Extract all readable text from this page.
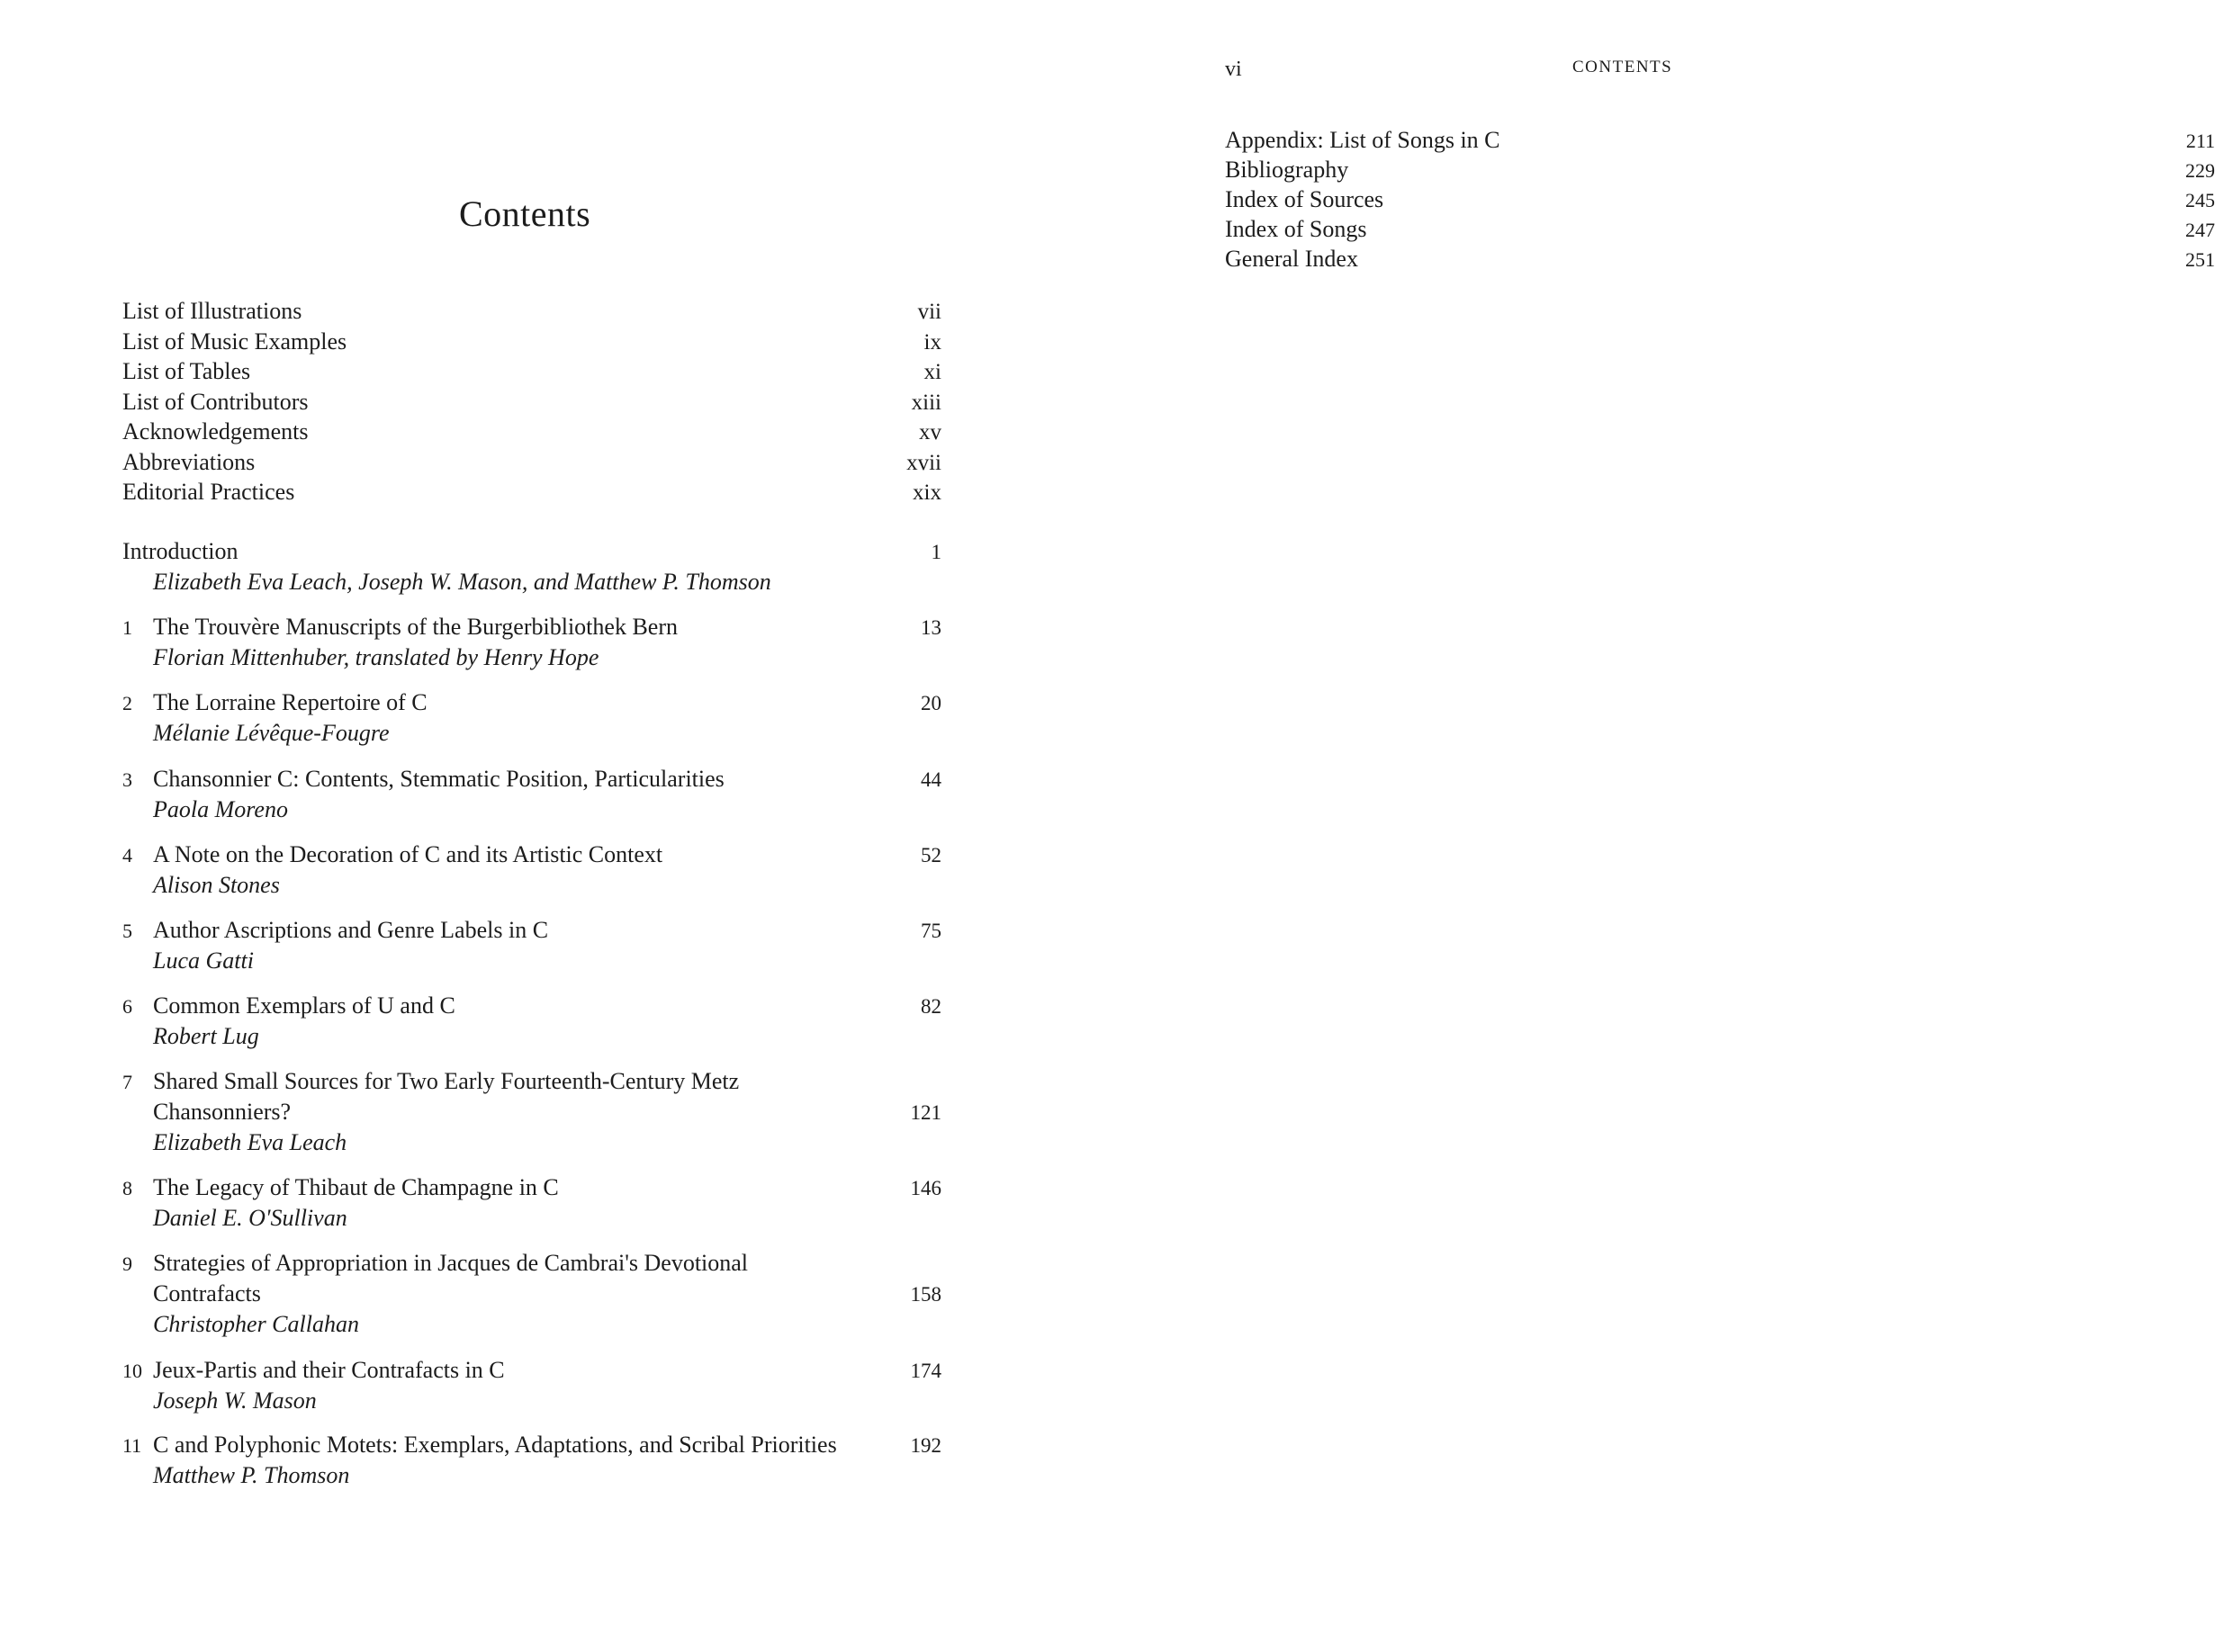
Contents
List of Illustrations	vii
List of Music Examples	ix
List of Tables	xi
List of Contributors	xiii
Acknowledgements	xv
Abbreviations	xvii
Editorial Practices	xix
Introduction	1
Elizabeth Eva Leach, Joseph W. Mason, and Matthew P. Thomson
1 The Trouvère Manuscripts of the Burgerbibliothek Bern	13
Florian Mittenhuber, translated by Henry Hope
2 The Lorraine Repertoire of C	20
Mélanie Lévêque-Fougre
3 Chansonnier C: Contents, Stemmatic Position, Particularities	44
Paola Moreno
4 A Note on the Decoration of C and its Artistic Context	52
Alison Stones
5 Author Ascriptions and Genre Labels in C	75
Luca Gatti
6 Common Exemplars of U and C	82
Robert Lug
7 Shared Small Sources for Two Early Fourteenth-Century Metz
Chansonniers?	121
Elizabeth Eva Leach
8 The Legacy of Thibaut de Champagne in C	146
Daniel E. O'Sullivan
9 Strategies of Appropriation in Jacques de Cambrai's Devotional
Contrafacts	158
Christopher Callahan
10 Jeux-Partis and their Contrafacts in C	174
Joseph W. Mason
11 C and Polyphonic Motets: Exemplars, Adaptations, and Scribal Priorities	192
Matthew P. Thomson
vi	CONTENTS
Appendix: List of Songs in C	211
Bibliography	229
Index of Sources	245
Index of Songs	247
General Index	251
